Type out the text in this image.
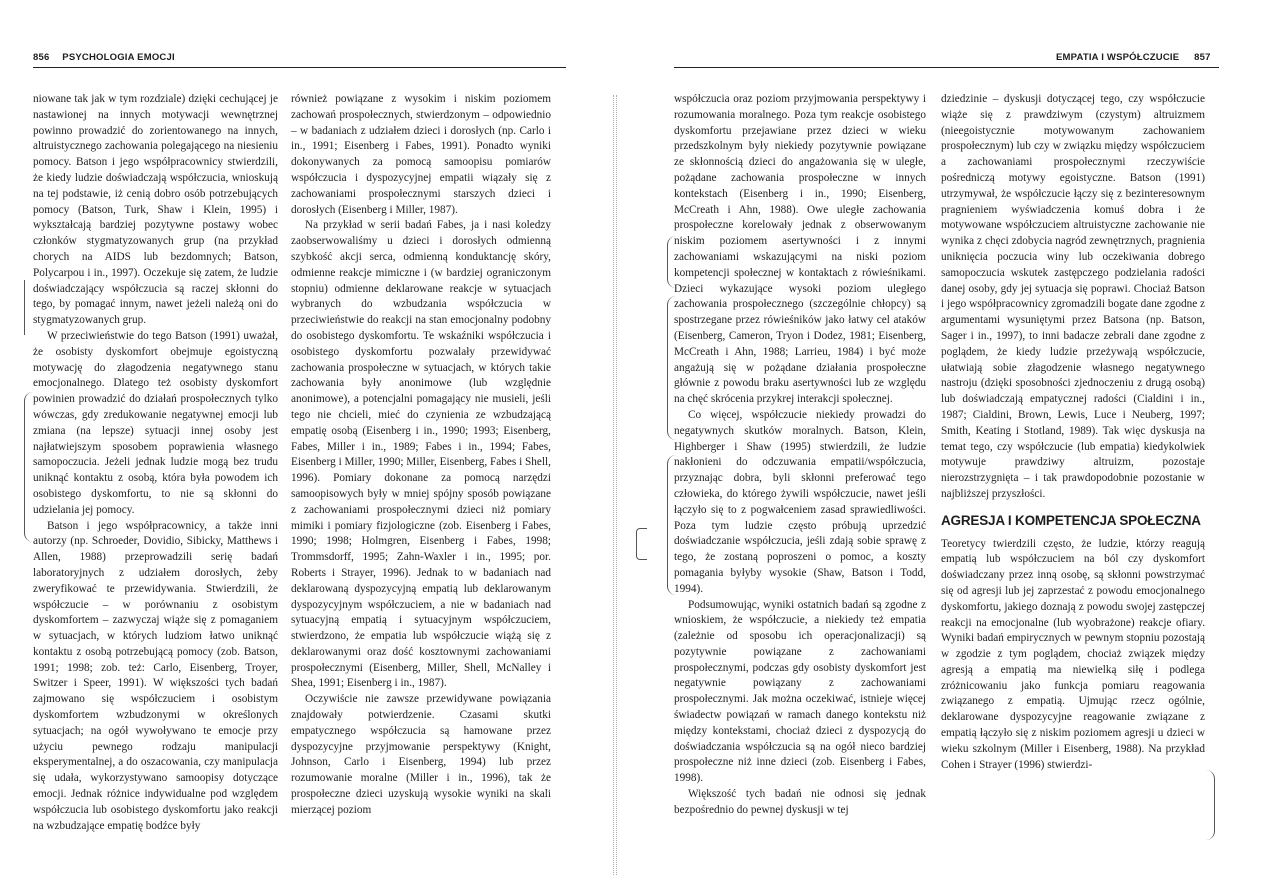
856 PSYCHOLOGIA EMOCJI

niowane tak jak w tym rozdziale) dzięki cechującej je nastawionej na innych motywacji wewnętrznej powinno prowadzić do zorientowanego na innych, altruistycznego zachowania polegającego na niesieniu pomocy. Batson i jego współpracownicy stwierdzili, że kiedy ludzie doświadczają współczucia, wnioskują na tej podstawie, iż cenią dobro osób potrzebujących pomocy (Batson, Turk, Shaw i Klein, 1995) i wykształcają bardziej pozytywne postawy wobec członków stygmatyzowanych grup (na przykład chorych na AIDS lub bezdomnych; Batson, Polycarpou i in., 1997). Oczekuje się zatem, że ludzie doświadczający współczucia są raczej skłonni do tego, by pomagać innym, nawet jeżeli należą oni do stygmatyzowanych grup.

W przeciwieństwie do tego Batson (1991) uważał, że osobisty dyskomfort obejmuje egoistyczną motywację do złagodzenia negatywnego stanu emocjonalnego. Dlatego też osobisty dyskomfort powinien prowadzić do działań prospołecznych tylko wówczas, gdy zredukowanie negatywnej emocji lub zmiana (na lepsze) sytuacji innej osoby jest najłatwiejszym sposobem poprawienia własnego samopoczucia. Jeżeli jednak ludzie mogą bez trudu uniknąć kontaktu z osobą, która była powodem ich osobistego dyskomfortu, to nie są skłonni do udzielania jej pomocy.

Batson i jego współpracownicy, a także inni autorzy (np. Schroeder, Dovidio, Sibicky, Matthews i Allen, 1988) przeprowadzili serię badań laboratoryjnych z udziałem dorosłych, żeby zweryfikować te przewidywania. Stwierdzili, że współczucie – w porównaniu z osobistym dyskomfortem – zazwyczaj wiąże się z pomaganiem w sytuacjach, w których ludziom łatwo uniknąć kontaktu z osobą potrzebującą pomocy (zob. Batson, 1991; 1998; zob. też: Carlo, Eisenberg, Troyer, Switzer i Speer, 1991). W większości tych badań zajmowano się współczuciem i osobistym dyskomfortem wzbudzonymi w określonych sytuacjach; na ogół wywoływano te emocje przy użyciu pewnego rodzaju manipulacji eksperymentalnej, a do oszacowania, czy manipulacja się udała, wykorzystywano samoopisy dotyczące emocji. Jednak różnice indywidualne pod względem współczucia lub osobistego dyskomfortu jako reakcji na wzbudzające empatię bodźce były

również powiązane z wysokim i niskim poziomem zachowań prospołecznych, stwierdzonym – odpowiednio – w badaniach z udziałem dzieci i dorosłych (np. Carlo i in., 1991; Eisenberg i Fabes, 1991). Ponadto wyniki dokonywanych za pomocą samoopisu pomiarów współczucia i dyspozycyjnej empatii wiązały się z zachowaniami prospołecznymi starszych dzieci i dorosłych (Eisenberg i Miller, 1987).

Na przykład w serii badań Fabes, ja i nasi koledzy zaobserwowaliśmy u dzieci i dorosłych odmienną szybkość akcji serca, odmienną konduktancję skóry, odmienne reakcje mimiczne i (w bardziej ograniczonym stopniu) odmienne deklarowane reakcje w sytuacjach wybranych do wzbudzania współczucia w przeciwieństwie do reakcji na stan emocjonalny podobny do osobistego dyskomfortu. Te wskaźniki współczucia i osobistego dyskomfortu pozwalały przewidywać zachowania prospołeczne w sytuacjach, w których takie zachowania były anonimowe (lub względnie anonimowe), a potencjalni pomagający nie musieli, jeśli tego nie chcieli, mieć do czynienia ze wzbudzającą empatię osobą (Eisenberg i in., 1990; 1993; Eisenberg, Fabes, Miller i in., 1989; Fabes i in., 1994; Fabes, Eisenberg i Miller, 1990; Miller, Eisenberg, Fabes i Shell, 1996). Pomiary dokonane za pomocą narzędzi samoopisowych były w mniej spójny sposób powiązane z zachowaniami prospołecznymi dzieci niż pomiary mimiki i pomiary fizjologiczne (zob. Eisenberg i Fabes, 1990; 1998; Holmgren, Eisenberg i Fabes, 1998; Trommsdorff, 1995; Zahn-Waxler i in., 1995; por. Roberts i Strayer, 1996). Jednak to w badaniach nad deklarowaną dyspozycyjną empatią lub deklarowanym dyspozycyjnym współczuciem, a nie w badaniach nad sytuacyjną empatią i sytuacyjnym współczuciem, stwierdzono, że empatia lub współczucie wiążą się z deklarowanymi oraz dość kosztownymi zachowaniami prospołecznymi (Eisenberg, Miller, Shell, McNalley i Shea, 1991; Eisenberg i in., 1987).

Oczywiście nie zawsze przewidywane powiązania znajdowały potwierdzenie. Czasami skutki empatycznego współczucia są hamowane przez dyspozycyjne przyjmowanie perspektywy (Knight, Johnson, Carlo i Eisenberg, 1994) lub przez rozumowanie moralne (Miller i in., 1996), tak że prospołeczne dzieci uzyskują wysokie wyniki na skali mierzącej poziom

EMPATIA I WSPÓŁCZUCIE 857

współczucia oraz poziom przyjmowania perspektywy i rozumowania moralnego. Poza tym reakcje osobistego dyskomfortu przejawiane przez dzieci w wieku przedszkolnym były niekiedy pozytywnie powiązane ze skłonnością dzieci do angażowania się w uległe, pożądane zachowania prospołeczne w innych kontekstach (Eisenberg i in., 1990; Eisenberg, McCreath i Ahn, 1988). Owe uległe zachowania prospołeczne korelowały jednak z obserwowanym niskim poziomem asertywności i z innymi zachowaniami wskazującymi na niski poziom kompetencji społecznej w kontaktach z rówieśnikami. Dzieci wykazujące wysoki poziom uległego zachowania prospołecznego (szczególnie chłopcy) są spostrzegane przez rówieśników jako łatwy cel ataków (Eisenberg, Cameron, Tryon i Dodez, 1981; Eisenberg, McCreath i Ahn, 1988; Larrieu, 1984) i być może angażują się w pożądane działania prospołeczne głównie z powodu braku asertywności lub ze względu na chęć skrócenia przykrej interakcji społecznej.

Co więcej, współczucie niekiedy prowadzi do negatywnych skutków moralnych. Batson, Klein, Highberger i Shaw (1995) stwierdzili, że ludzie nakłonieni do odczuwania empatii/współczucia, przyznając dobra, byli skłonni preferować tego człowieka, do którego żywili współczucie, nawet jeśli łączyło się to z pogwałceniem zasad sprawiedliwości. Poza tym ludzie często próbują uprzedzić doświadczanie współczucia, jeśli zdają sobie sprawę z tego, że zostaną poproszeni o pomoc, a koszty pomagania byłyby wysokie (Shaw, Batson i Todd, 1994).

Podsumowując, wyniki ostatnich badań są zgodne z wnioskiem, że współczucie, a niekiedy też empatia (zależnie od sposobu ich operacjonalizacji) są pozytywnie powiązane z zachowaniami prospołecznymi, podczas gdy osobisty dyskomfort jest negatywnie powiązany z zachowaniami prospołecznymi. Jak można oczekiwać, istnieje więcej świadectw powiązań w ramach danego kontekstu niż między kontekstami, chociaż dzieci z dyspozycją do doświadczania współczucia są na ogół nieco bardziej prospołeczne niż inne dzieci (zob. Eisenberg i Fabes, 1998).

Większość tych badań nie odnosi się jednak bezpośrednio do pewnej dyskusji w tej

dziedzinie – dyskusji dotyczącej tego, czy współczucie wiąże się z prawdziwym (czystym) altruizmem (nieegoistycznie motywowanym zachowaniem prospołecznym) lub czy w związku między współczuciem a zachowaniami prospołecznymi rzeczywiście pośredniczą motywy egoistyczne. Batson (1991) utrzymywał, że współczucie łączy się z bezinteresownym pragnieniem wyświadczenia komuś dobra i że motywowane współczuciem altruistyczne zachowanie nie wynika z chęci zdobycia nagród zewnętrznych, pragnienia uniknięcia poczucia winy lub oczekiwania dobrego samopoczucia wskutek zastępczego podzielania radości danej osoby, gdy jej sytuacja się poprawi. Chociaż Batson i jego współpracownicy zgromadzili bogate dane zgodne z argumentami wysuniętymi przez Batsona (np. Batson, Sager i in., 1997), to inni badacze zebrali dane zgodne z poglądem, że kiedy ludzie przeżywają współczucie, ułatwiają sobie złagodzenie własnego negatywnego nastroju (dzięki sposobności zjednoczeniu z drugą osobą) lub doświadczają empatycznej radości (Cialdini i in., 1987; Cialdini, Brown, Lewis, Luce i Neuberg, 1997; Smith, Keating i Stotland, 1989). Tak więc dyskusja na temat tego, czy współczucie (lub empatia) kiedykolwiek motywuje prawdziwy altruizm, pozostaje nierozstrzygnięta – i tak prawdopodobnie pozostanie w najbliższej przyszłości.

AGRESJA I KOMPETENCJA SPOŁECZNA

Teoretycy twierdzili często, że ludzie, którzy reagują empatią lub współczuciem na ból czy dyskomfort doświadczany przez inną osobę, są skłonni powstrzymać się od agresji lub jej zaprzestać z powodu emocjonalnego dyskomfortu, jakiego doznają z powodu swojej zastępczej reakcji na emocjonalne (lub wyobrażone) reakcje ofiary. Wyniki badań empirycznych w pewnym stopniu pozostają w zgodzie z tym poglądem, chociaż związek między agresją a empatią ma niewielką siłę i podlega zróżnicowaniu jako funkcja pomiaru reagowania związanego z empatią. Ujmując rzecz ogólnie, deklarowane dyspozycyjne reagowanie związane z empatią łączyło się z niskim poziomem agresji u dzieci w wieku szkolnym (Miller i Eisenberg, 1988). Na przykład Cohen i Strayer (1996) stwierdzi-
